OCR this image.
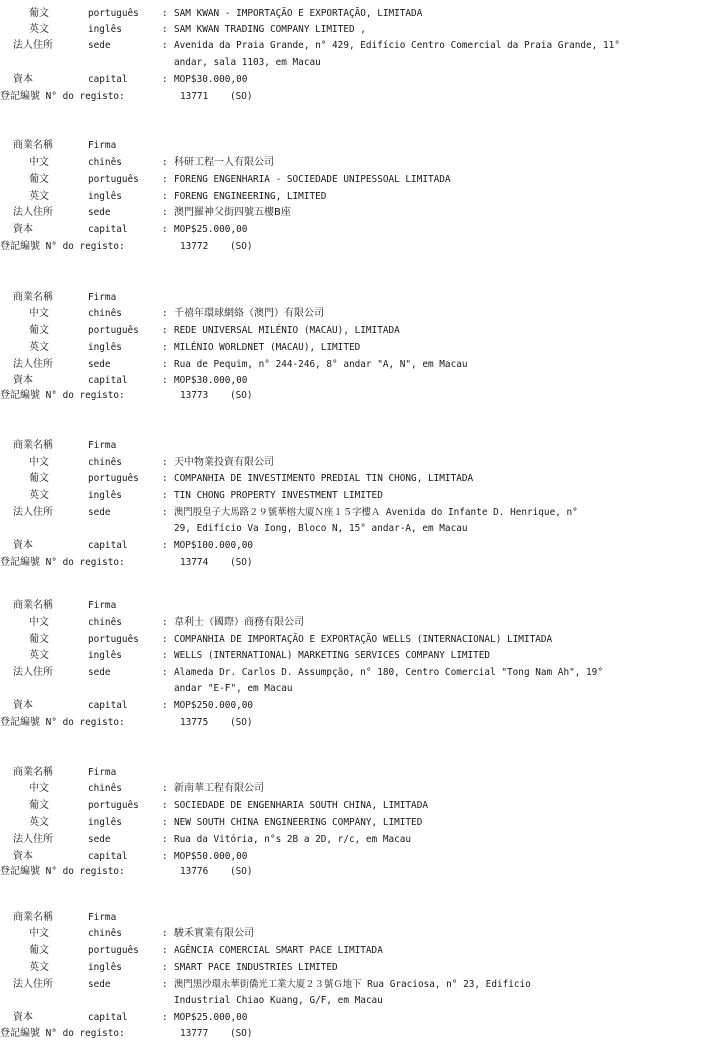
葡文	português : SAM KWAN - IMPORTAÇÃO E EXPORTAÇÃO, LIMITADA
英文	inglês	: SAM KWAN TRADING COMPANY LIMITED ,
法人住所	sede	: Avenida da Praia Grande, n° 429, Edifício Centro Comercial da Praia Grande, 11°
andar, sala 1103, em Macau
資本	capital	: MOP$30.000,00
登記編號 N° do registo:	13771 (SO)
商業名稱	Firma
中文	chinês	: 科研工程一人有限公司
葡文	português : FORENG ENGENHARIA - SOCIEDADE UNIPESSOAL LIMITADA
英文	inglês	: FORENG ENGINEERING, LIMITED
法人住所	sede	: 澳門羅神父街四號五樓B座
資本	capital	: MOP$25.000,00
登記編號 N° do registo:	13772 (SO)
商業名稱	Firma
中文	chinês	: 千禧年環球網絡（澳門）有限公司
葡文	português : REDE UNIVERSAL MILÉNIO (MACAU), LIMITADA
英文	inglês	: MILÉNIO WORLDNET (MACAU), LIMITED
法人住所	sede	: Rua de Pequim, n° 244-246, 8° andar "A, N", em Macau
資本	capital	: MOP$30.000,00
登記編號 N° do registo:	13773 (SO)
商業名稱	Firma
中文	chinês	: 天中物業投資有限公司
葡文	português : COMPANHIA DE INVESTIMENTO PREDIAL TIN CHONG, LIMITADA
英文	inglês	: TIN CHONG PROPERTY INVESTMENT LIMITED
法人住所	sede	: 澳門殷皇子大馬路２９號華榕大廈Ｎ座１５字樓Ａ Avenida do Infante D. Henrique, n°
29, Edifício Va Iong, Bloco N, 15° andar-A, em Macau
資本	capital	: MOP$100.000,00
登記編號 N° do registo:	13774 (SO)
商業名稱	Firma
中文	chinês	: 韋利士（國際）商務有限公司
葡文	português : COMPANHIA DE IMPORTAÇÃO E EXPORTAÇÃO WELLS (INTERNACIONAL) LIMITADA
英文	inglês	: WELLS (INTERNATIONAL) MARKETING SERVICES COMPANY LIMITED
法人住所	sede	: Alameda Dr. Carlos D. Assumpção, n° 180, Centro Comercial "Tong Nam Ah", 19°
andar "E-F", em Macau
資本	capital	: MOP$250.000,00
登記編號 N° do registo:	13775 (SO)
商業名稱	Firma
中文	chinês	: 新南華工程有限公司
葡文	português : SOCIEDADE DE ENGENHARIA SOUTH CHINA, LIMITADA
英文	inglês	: NEW SOUTH CHINA ENGINEERING COMPANY, LIMITED
法人住所	sede	: Rua da Vitória, n°s 2B a 2D, r/c, em Macau
資本	capital	: MOP$50.000,00
登記編號 N° do registo:	13776 (SO)
商業名稱	Firma
中文	chinês	: 駿禾實業有限公司
葡文	português : AGÊNCIA COMERCIAL SMART PACE LIMITADA
英文	inglês	: SMART PACE INDUSTRIES LIMITED
法人住所	sede	: 澳門黑沙環永華街僑光工業大廈２３號Ｇ地下 Rua Graciosa, n° 23, Edifício
Industrial Chiao Kuang, G/F, em Macau
資本	capital	: MOP$25.000,00
登記編號 N° do registo:	13777 (SO)
